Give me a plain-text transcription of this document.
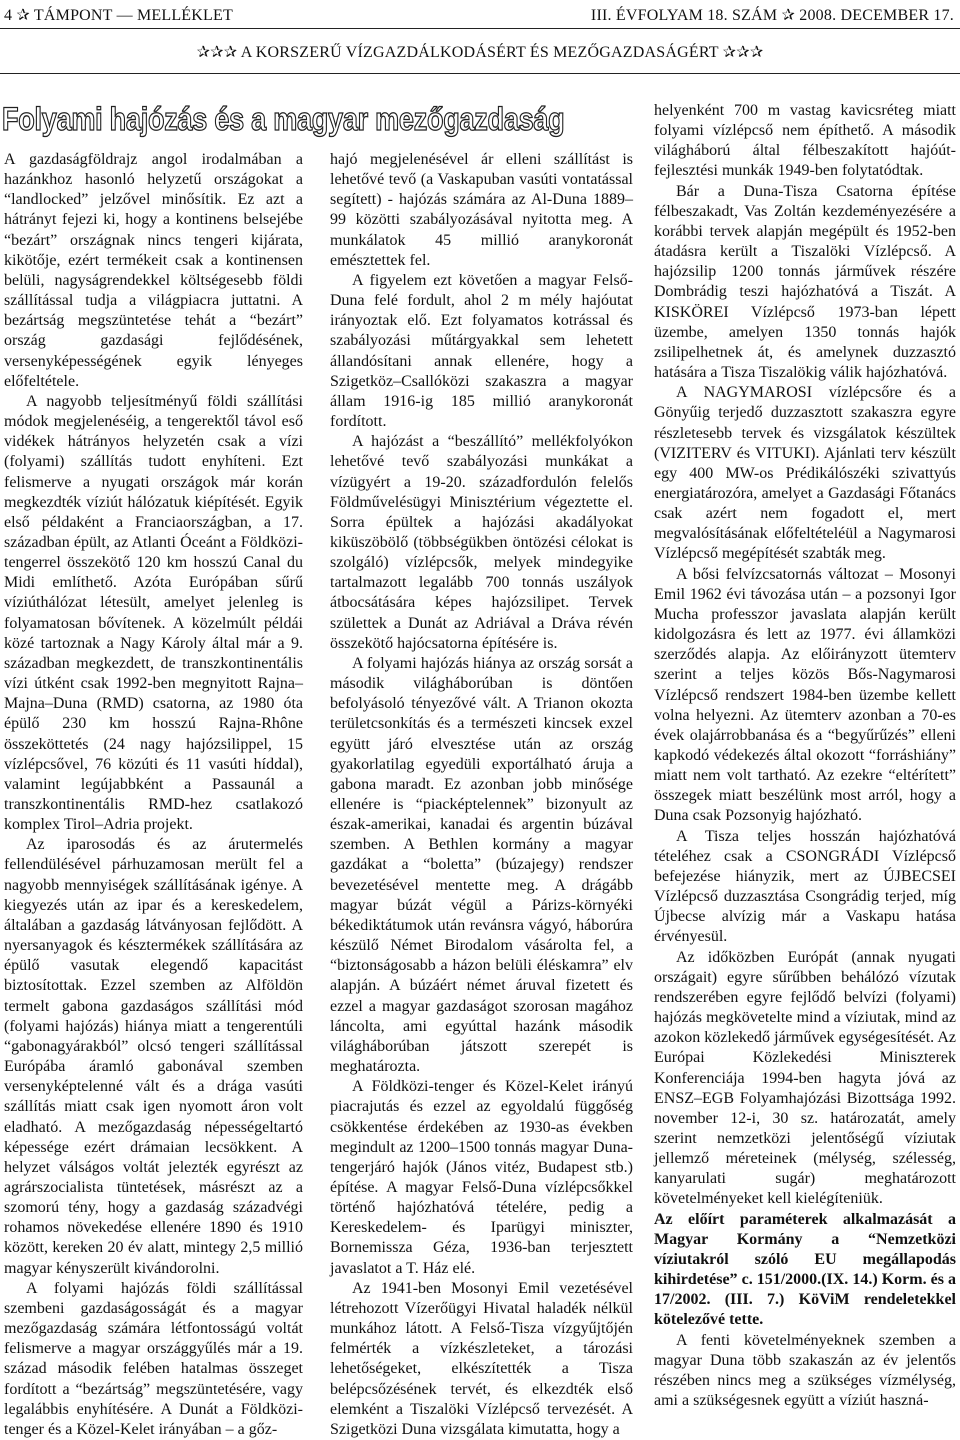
4 ✰ TÁMPONT — MELLÉKLET	III. ÉVFOLYAM 18. SZÁM ✰ 2008. DECEMBER 17.
✰✰✰ A KORSZERŰ VÍZGAZDÁLKODÁSÉRT ÉS MEZŐGAZDASÁGÉRT ✰✰✰
Folyami hajózás és a magyar mezőgazdaság

A gazdaságföldrajz angol irodalmában a hazánkhoz hasonló helyzetű országokat a “landlocked” jelzővel minősítik. Ez azt a hátrányt fejezi ki, hogy a kontinens belsejébe “bezárt” országnak nincs tengeri kijárata, kikötője, ezért termékeit csak a kontinensen belüli, nagyságrendekkel költségesebb földi szállítással tudja a világpiacra juttatni. A bezártság megszüntetése tehát a “bezárt” ország gazdasági fejlődésének, versenyképességének egyik lényeges előfeltétele.

A nagyobb teljesítményű földi szállítási módok megjelenéséig, a tengerektől távol eső vidékek hátrányos helyzetén csak a vízi (folyami) szállítás tudott enyhíteni. Ezt felismerve a nyugati országok már korán megkezdték víziút hálózatuk kiépítését. Egyik első példaként a Franciaországban, a 17. században épült, az Atlanti Óceánt a Földközi-tengerrel összekötő 120 km hosszú Canal du Midi említhető. Azóta Európában sűrű víziúthálózat létesült, amelyet jelenleg is folyamatosan bővítenek. A közelmúlt példái közé tartoznak a Nagy Károly által már a 9. században megkezdett, de transzkontinentális vízi útként csak 1992-ben megnyitott Rajna–Majna–Duna (RMD) csatorna, az 1980 óta épülő 230 km hosszú Rajna-Rhône összeköttetés (24 nagy hajózsilippel, 15 vízlépcsővel, 76 közúti és 11 vasúti híddal), valamint legújabbként a Passaunál a transzkontinentális RMD-hez csatlakozó komplex Tirol–Adria projekt.

Az iparosodás és az árutermelés fellendülésével párhuzamosan merült fel a nagyobb mennyiségek szállításának igénye. A kiegyezés után az ipar és a kereskedelem, általában a gazdaság látványosan fejlődött. A nyersanyagok és késztermékek szállítására az épülő vasutak elegendő kapacitást biztosítottak. Ezzel szemben az Alföldön termelt gabona gazdaságos szállítási mód (folyami hajózás) hiánya miatt a tengerentúli “gabonagyárakból” olcsó tengeri szállítással Európába áramló gabonával szemben versenyképtelenné vált és a drága vasúti szállítás miatt csak igen nyomott áron volt eladható. A mezőgazdaság népességeltartó képessége ezért drámaian lecsökkent. A helyzet válságos voltát jelezték egyrészt az agrárszocialista tüntetések, másrészt az a szomorú tény, hogy a gazdaság századvégi rohamos növekedése ellenére 1890 és 1910 között, kereken 20 év alatt, mintegy 2,5 millió magyar kényszerült kivándorolni.

A folyami hajózás földi szállítással szembeni gazdaságosságát és a magyar mezőgazdaság számára létfontosságú voltát felismerve a magyar országgyűlés már a 19. század második felében hatalmas összeget fordított a “bezártság” megszüntetésére, vagy legalábbis enyhítésére. A Dunát a Földközi-tenger és a Közel-Kelet irányában – a gőz-

hajó megjelenésével ár elleni szállítást is lehetővé tevő (a Vaskapuban vasúti vontatással segített) - hajózás számára az Al-Duna 1889–99 közötti szabályozásával nyitotta meg. A munkálatok 45 millió aranykoronát emésztettek fel.

A figyelem ezt követően a magyar Felső-Duna felé fordult, ahol 2 m mély hajóutat irányoztak elő. Ezt folyamatos kotrással és szabályozási műtárgyakkal sem lehetett állandósítani annak ellenére, hogy a Szigetköz–Csallóközi szakaszra a magyar állam 1916-ig 185 millió aranykoronát fordított.

A hajózást a “beszállító” mellékfolyókon lehetővé tevő szabályozási munkákat a vízügyért a 19-20. századfordulón felelős Földművelésügyi Minisztérium végeztette el. Sorra épültek a hajózási akadályokat kiküszöbölő (többségükben öntözési célokat is szolgáló) vízlépcsők, melyek mindegyike tartalmazott legalább 700 tonnás uszályok átbocsátására képes hajózsilipet. Tervek születtek a Dunát az Adriával a Dráva révén összekötő hajócsatorna építésére is.

A folyami hajózás hiánya az ország sorsát a második világháborúban is döntően befolyásoló tényezővé vált. A Trianon okozta területcsonkítás és a természeti kincsek exzel együtt járó elvesztése után az ország gyakorlatilag egyedüli exportálható áruja a gabona maradt. Ez azonban jobb minősége ellenére is “piacképtelennek” bizonyult az észak-amerikai, kanadai és argentin búzával szemben. A Bethlen kormány a magyar gazdákat a “boletta” (búzajegy) rendszer bevezetésével mentette meg. A drágább magyar búzát végül a Párizs-környéki békediktátumok után revánsra vágyó, háborúra készülő Német Birodalom vásárolta fel, a “biztonságosabb a házon belüli éléskamra” elv alapján. A búzáért német áruval fizetett és ezzel a magyar gazdaságot szorosan magához láncolta, ami egyúttal hazánk második világháborúban játszott szerepét is meghatározta.

A Földközi-tenger és Közel-Kelet irányú piacrajutás és ezzel az egyoldalú függőség csökkentése érdekében az 1930-as években megindult az 1200–1500 tonnás magyar Duna-tengerjáró hajók (János vitéz, Budapest stb.) építése. A magyar Felső-Duna vízlépcsőkkel történő hajózhatóvá tételére, pedig a Kereskedelem- és Iparügyi miniszter, Bornemissza Géza, 1936-ban terjesztett javaslatot a T. Ház elé.

Az 1941-ben Mosonyi Emil vezetésével létrehozott Vízerőügyi Hivatal haladék nélkül munkához látott. A Felső-Tisza vízgyűjtőjén felmérték a vízkészleteket, a tározási lehetőségeket, elkészítették a Tisza belépcsőzésének tervét, és elkezdték első elemként a Tiszalöki Vízlépcső tervezését. A Szigetközi Duna vizsgálata kimutatta, hogy a

helyenként 700 m vastag kavicsréteg miatt folyami vízlépcső nem építhető. A második világháború által félbeszakított hajóút-fejlesztési munkák 1949-ben folytatódtak.

Bár a Duna-Tisza Csatorna építése félbeszakadt, Vas Zoltán kezdeményezésére a korábbi tervek alapján megépült és 1952-ben átadásra került a Tiszalöki Vízlépcső. A hajózsilip 1200 tonnás járművek részére Dombrádig teszi hajózhatóvá a Tiszát. A KISKÖREI Vízlépcső 1973-ban lépett üzembe, amelyen 1350 tonnás hajók zsilipelhetnek át, és amelynek duzzasztó hatására a Tisza Tiszalökig válik hajózhatóvá.

A NAGYMAROSI vízlépcsőre és a Gönyűig terjedő duzzasztott szakaszra egyre részletesebb tervek és vizsgálatok készültek (VIZITERV és VITUKI). Ajánlati terv készült egy 400 MW-os Prédikálószéki szivattyús energiatározóra, amelyet a Gazdasági Főtanács csak azért nem fogadott el, mert megvalósításának előfeltételéül a Nagymarosi Vízlépcső megépítését szabták meg.

A bősi felvízcsatornás változat – Mosonyi Emil 1962 évi távozása után – a pozsonyi Igor Mucha professzor javaslata alapján került kidolgozásra és lett az 1977. évi államközi szerződés alapja. Az előirányzott ütemterv szerint a teljes közös Bős-Nagymarosi Vízlépcső rendszert 1984-ben üzembe kellett volna helyezni. Az ütemterv azonban a 70-es évek olajárrobbanása és a “begyűrűzés” elleni kapkodó védekezés által okozott “forráshiány” miatt nem volt tartható. Az ezekre “eltérített” összegek miatt beszélünk most arról, hogy a Duna csak Pozsonyig hajózható.

A Tisza teljes hosszán hajózhatóvá tételéhez csak a CSONGRÁDI Vízlépcső befejezése hiányzik, mert az ÚJBECSEI Vízlépcső duzzasztása Csongrádig terjed, míg Újbecse alvízig már a Vaskapu hatása érvényesül.

Az időközben Európát (annak nyugati országait) egyre sűrűbben behálózó vízutak rendszerében egyre fejlődő belvízi (folyami) hajózás megkövetelte mind a víziutak, mind az azokon közlekedő járművek egységesítését. Az Európai Közlekedési Miniszterek Konferenciája 1994-ben hagyta jóvá az ENSZ–EGB Folyamhajózási Bizottsága 1992. november 12-i, 30 sz. határozatát, amely szerint nemzetközi jelentőségű víziutak jellemző méreteinek (mélység, szélesség, kanyarulati sugár) meghatározott követelményeket kell kielégíteniük.

Az előírt paraméterek alkalmazását a Magyar Kormány a “Nemzetközi víziutakról szóló EU megállapodás kihirdetése” c. 151/2000.(IX. 14.) Korm. és a 17/2002. (III. 7.) KöViM rendeletekkel kötelezővé tette.

A fenti követelményeknek szemben a magyar Duna több szakaszán az év jelentős részében nincs meg a szükséges vízmélység, ami a szükségesnek együtt a víziút haszná-
